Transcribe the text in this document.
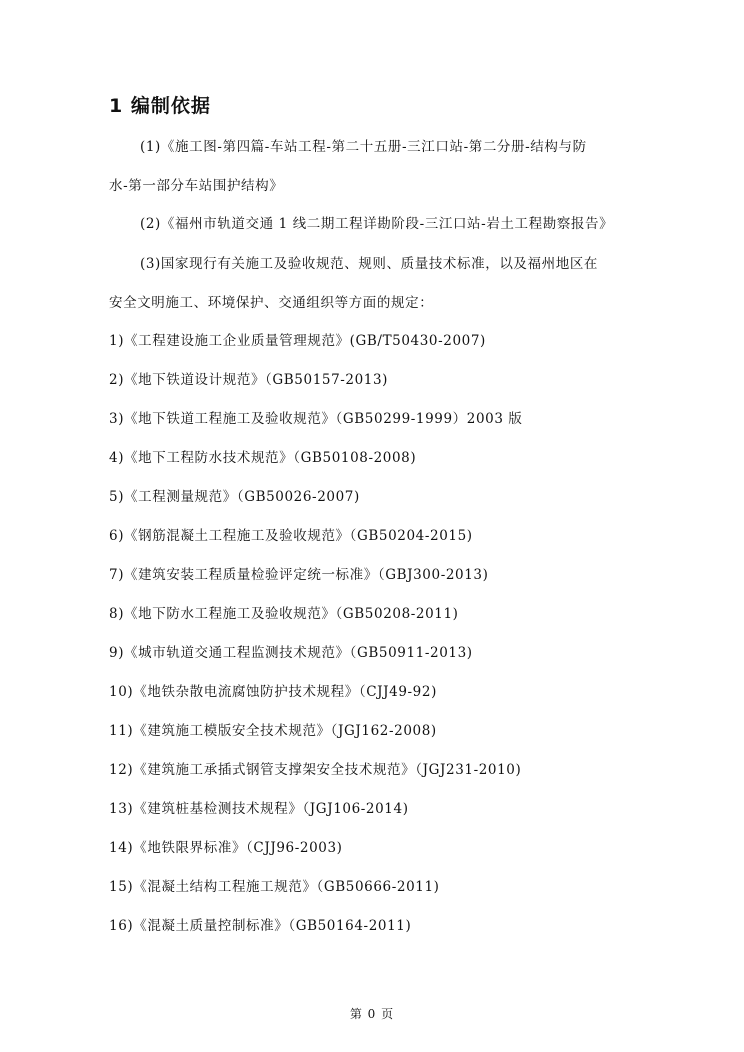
1 编制依据
(1)《施工图-第四篇-车站工程-第二十五册-三江口站-第二分册-结构与防
水-第一部分车站围护结构》
(2)《福州市轨道交通 1 线二期工程详勘阶段-三江口站-岩土工程勘察报告》
(3)国家现行有关施工及验收规范、规则、质量技术标准，以及福州地区在
安全文明施工、环境保护、交通组织等方面的规定：
1)《工程建设施工企业质量管理规范》(GB/T50430-2007)
2)《地下铁道设计规范》（GB50157-2013)
3)《地下铁道工程施工及验收规范》（GB50299-1999）2003 版
4)《地下工程防水技术规范》（GB50108-2008)
5)《工程测量规范》（GB50026-2007)
6)《钢筋混凝土工程施工及验收规范》（GB50204-2015)
7)《建筑安装工程质量检验评定统一标准》（GBJ300-2013)
8)《地下防水工程施工及验收规范》（GB50208-2011)
9)《城市轨道交通工程监测技术规范》（GB50911-2013)
10)《地铁杂散电流腐蚀防护技术规程》（CJJ49-92)
11)《建筑施工模版安全技术规范》（JGJ162-2008)
12)《建筑施工承插式钢管支撑架安全技术规范》（JGJ231-2010)
13)《建筑桩基检测技术规程》（JGJ106-2014)
14)《地铁限界标准》（CJJ96-2003)
15)《混凝土结构工程施工规范》（GB50666-2011)
16)《混凝土质量控制标准》（GB50164-2011)
第 0 页
